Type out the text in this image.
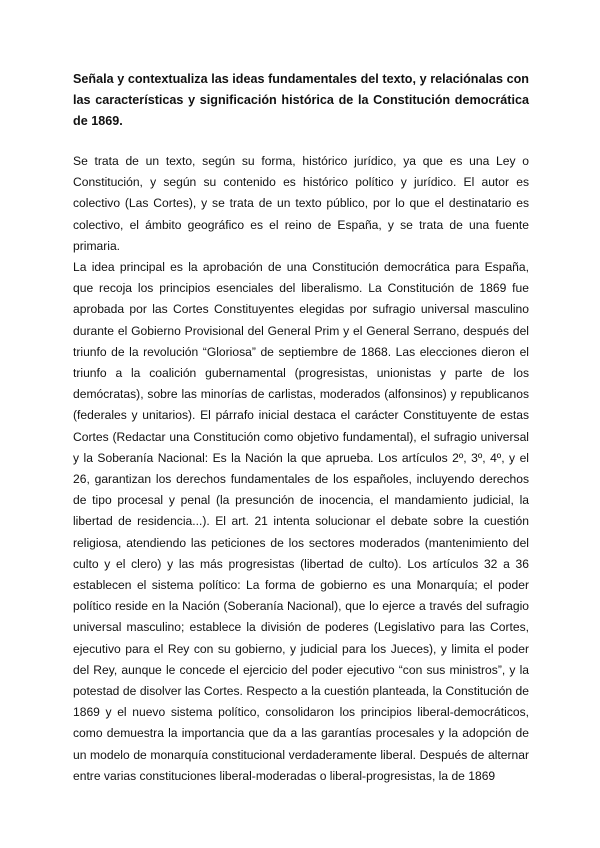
Señala y contextualiza las ideas fundamentales del texto, y relaciónalas con las características y significación histórica de la Constitución democrática de 1869.

Se trata de un texto, según su forma, histórico jurídico, ya que es una Ley o Constitución, y según su contenido es histórico político y jurídico. El autor es colectivo (Las Cortes), y se trata de un texto público, por lo que el destinatario es colectivo, el ámbito geográfico es el reino de España, y se trata de una fuente primaria.

La idea principal es la aprobación de una Constitución democrática para España, que recoja los principios esenciales del liberalismo. La Constitución de 1869 fue aprobada por las Cortes Constituyentes elegidas por sufragio universal masculino durante el Gobierno Provisional del General Prim y el General Serrano, después del triunfo de la revolución “Gloriosa” de septiembre de 1868. Las elecciones dieron el triunfo a la coalición gubernamental (progresistas, unionistas y parte de los demócratas), sobre las minorías de carlistas, moderados (alfonsinos) y republicanos (federales y unitarios). El párrafo inicial destaca el carácter Constituyente de estas Cortes (Redactar una Constitución como objetivo fundamental), el sufragio universal y la Soberanía Nacional: Es la Nación la que aprueba. Los artículos 2º, 3º, 4º, y el 26, garantizan los derechos fundamentales de los españoles, incluyendo derechos de tipo procesal y penal (la presunción de inocencia, el mandamiento judicial, la libertad de residencia...). El art. 21 intenta solucionar el debate sobre la cuestión religiosa, atendiendo las peticiones de los sectores moderados (mantenimiento del culto y el clero) y las más progresistas (libertad de culto). Los artículos 32 a 36 establecen el sistema político: La forma de gobierno es una Monarquía; el poder político reside en la Nación (Soberanía Nacional), que lo ejerce a través del sufragio universal masculino; establece la división de poderes (Legislativo para las Cortes, ejecutivo para el Rey con su gobierno, y judicial para los Jueces), y limita el poder del Rey, aunque le concede el ejercicio del poder ejecutivo “con sus ministros”, y la potestad de disolver las Cortes. Respecto a la cuestión planteada, la Constitución de 1869 y el nuevo sistema político, consolidaron los principios liberal-democráticos, como demuestra la importancia que da a las garantías procesales y la adopción de un modelo de monarquía constitucional verdaderamente liberal. Después de alternar entre varias constituciones liberal-moderadas o liberal-progresistas, la de 1869
